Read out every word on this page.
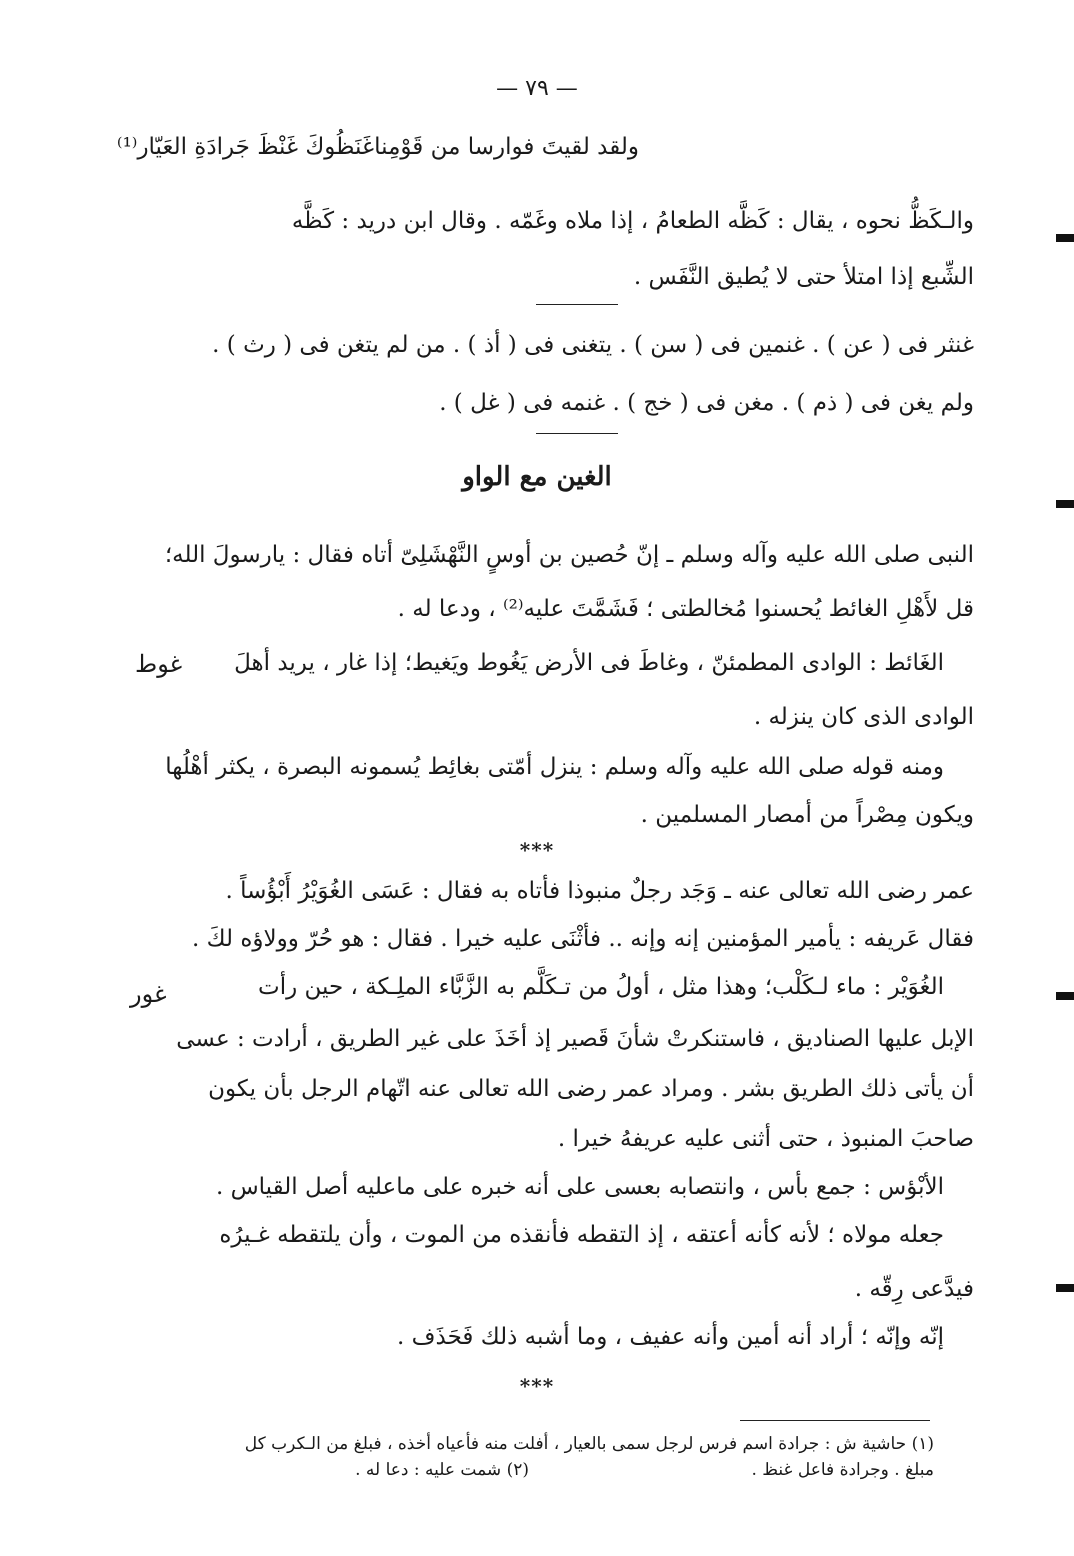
— ٧٩ —
ولقد لقيتَ فوارسا من قَوْمِنا
غَنَظُوكَ غَنْظَ جَرادَةِ العَيّار⁽¹⁾
والـكَظُّ نحوه ، يقال : كَظَّه الطعامُ ، إذا ملاه وغَمّه . وقال ابن دريد : كَظَّه
الشِّبع إذا امتلأ حتى لا يُطيق النَّفَس .
غنثر فى ( عن ) . غنمين فى ( سن ) . يتغنى فى ( أذ ) . من لم يتغن فى ( رث ) .
ولم يغن فى ( ذم ) . مغن فى ( خج ) . غنمه فى ( غل ) .
الغين مع الواو
النبى صلى الله عليه وآله وسلم ـ إنّ حُصين بن أوسٍ النَّهْشَلِىّ أتاه فقال : يارسولَ الله؛
قل لأَهْلِ الغائط يُحسنوا مُخالطتى ؛ فَشَمَّتَ عليه⁽²⁾ ، ودعا له .
الغَائط : الوادى المطمئنّ ، وغاطَ فى الأرض يَغُوط ويَغيط؛ إذا غار ، يريد أهلَ
غوط
الوادى الذى كان ينزله .
ومنه قوله صلى الله عليه وآله وسلم : ينزل أمّتى بغائِط يُسمونه البصرة ، يكثر أهْلُها
ويكون مِصْراً من أمصار المسلمين .
***
عمر رضى الله تعالى عنه ـ وَجَد رجلٌ منبوذا فأتاه به فقال : عَسَى الغُوَيْرُ أَبْؤُساً .
فقال عَريفه : يأمير المؤمنين إنه وإنه .. فأثْنَى عليه خيرا . فقال : هو حُرّ وولاؤه لكَ .
الغُوَيْر : ماء لـكَلْب؛ وهذا مثل ، أولُ من تـكَلَّم به الزَّبَّاء الملِـكة ، حين رأت
غور
الإبل عليها الصناديق ، فاستنكرتْ شأنَ قَصير إذ أخَذَ على غير الطريق ، أرادت : عسى
أن يأتى ذلك الطريق بشر . ومراد عمر رضى الله تعالى عنه اتّهام الرجل بأن يكون
صاحبَ المنبوذ ، حتى أثنى عليه عريفهُ خيرا .
الأبْؤس : جمع بأس ، وانتصابه بعسى على أنه خبره على ماعليه أصل القياس .
جعله مولاه ؛ لأنه كأنه أعتقه ، إذ التقطه فأنقذه من الموت ، وأن يلتقطه غـيرُه
فيدَّعى رِقّه .
إنّه وإنّه ؛ أراد أنه أمين وأنه عفيف ، وما أشبه ذلك فَحَذَف .
***
(١) حاشية ش : جرادة اسم فرس لرجل سمى بالعيار ، أفلت منه فأعياه أخذه ، فبلغ من الـكرب كل
مبلغ . وجرادة فاعل غنظ .
(٢) شمت عليه : دعا له .
